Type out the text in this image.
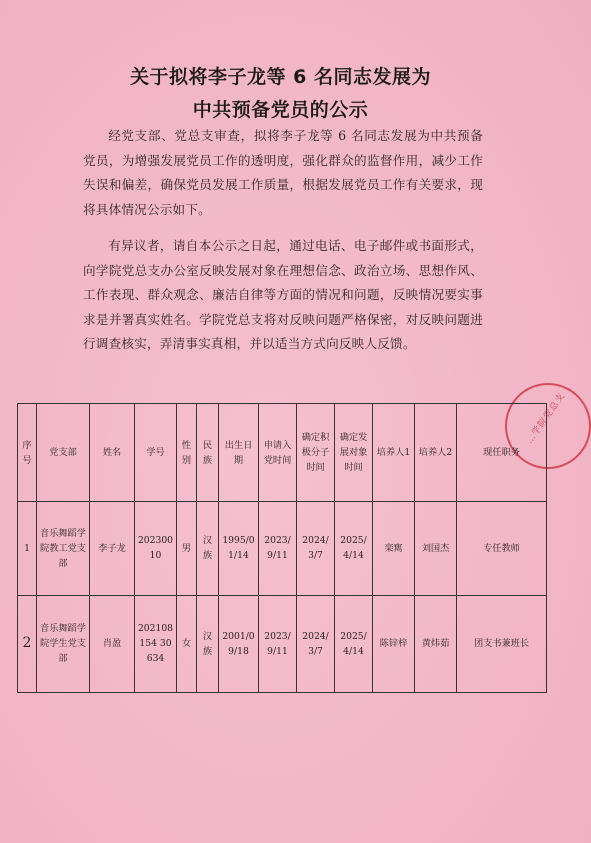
关于拟将李子龙等 6 名同志发展为
中共预备党员的公示
经党支部、党总支审查，拟将李子龙等 6 名同志发展为中共预备党员，为增强发展党员工作的透明度，强化群众的监督作用，减少工作失误和偏差，确保党员发展工作质量，根据发展党员工作有关要求，现将具体情况公示如下。
有异议者，请自本公示之日起，通过电话、电子邮件或书面形式，向学院党总支办公室反映发展对象在理想信念、政治立场、思想作风、工作表现、群众观念、廉洁自律等方面的情况和问题，反映情况要实事求是并署真实姓名。学院党总支将对反映问题严格保密，对反映问题进行调查核实，弄清事实真相，并以适当方式向反映人反馈。
…学院党总支
序号	党支部	姓名	学号	性别	民族	出生日期	申请入党时间	确定积极分子时间	确定发展对象时间	培养人1	培养人2	现任职务
1	音乐舞蹈学院教工党支部	李子龙	20230010	男	汉族	1995/01/14	2023/9/11	2024/3/7	2025/4/14	栾寯	刘国杰	专任教师
2	音乐舞蹈学院学生党支部	肖盈	202108154 30634	女	汉族	2001/09/18	2023/9/11	2024/3/7	2025/4/14	陈锌梓	黄炜茹	团支书兼班长
